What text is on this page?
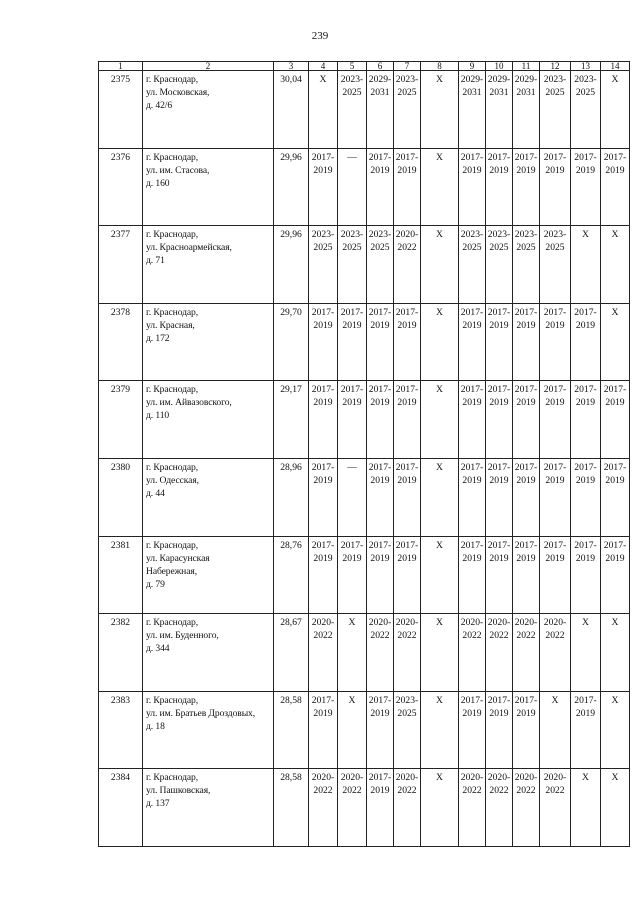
239
1	2	3	4	5	6	7	8	9	10	11	12	13	14
2375	г. Краснодар,
ул. Московская,
д. 42/6	30,04	Х	2023-
2025	2029-
2031	2023-
2025	Х	2029-
2031	2029-
2031	2029-
2031	2023-
2025	2023-
2025	Х

2376	г. Краснодар,
ул. им. Стасова,
д. 160	29,96	2017-
2019	—	2017-
2019	2017-
2019	Х	2017-
2019	2017-
2019	2017-
2019	2017-
2019	2017-
2019	2017-
2019

2377	г. Краснодар,
ул. Красноармейская,
д. 71	29,96	2023-
2025	2023-
2025	2023-
2025	2020-
2022	Х	2023-
2025	2023-
2025	2023-
2025	2023-
2025	Х	Х

2378	г. Краснодар,
ул. Красная,
д. 172	29,70	2017-
2019	2017-
2019	2017-
2019	2017-
2019	Х	2017-
2019	2017-
2019	2017-
2019	2017-
2019	2017-
2019	Х

2379	г. Краснодар,
ул. им. Айвазовского,
д. 110	29,17	2017-
2019	2017-
2019	2017-
2019	2017-
2019	Х	2017-
2019	2017-
2019	2017-
2019	2017-
2019	2017-
2019	2017-
2019

2380	г. Краснодар,
ул. Одесская,
д. 44	28,96	2017-
2019	—	2017-
2019	2017-
2019	Х	2017-
2019	2017-
2019	2017-
2019	2017-
2019	2017-
2019	2017-
2019

2381	г. Краснодар,
ул. Карасунская
Набережная,
д. 79	28,76	2017-
2019	2017-
2019	2017-
2019	2017-
2019	Х	2017-
2019	2017-
2019	2017-
2019	2017-
2019	2017-
2019	2017-
2019

2382	г. Краснодар,
ул. им. Буденного,
д. 344	28,67	2020-
2022	Х	2020-
2022	2020-
2022	Х	2020-
2022	2020-
2022	2020-
2022	2020-
2022	Х	Х

2383	г. Краснодар,
ул. им. Братьев Дроздовых,
д. 18	28,58	2017-
2019	Х	2017-
2019	2023-
2025	Х	2017-
2019	2017-
2019	2017-
2019	Х	2017-
2019	Х

2384	г. Краснодар,
ул. Пашковская,
д. 137	28,58	2020-
2022	2020-
2022	2017-
2019	2020-
2022	Х	2020-
2022	2020-
2022	2020-
2022	2020-
2022	Х	Х
